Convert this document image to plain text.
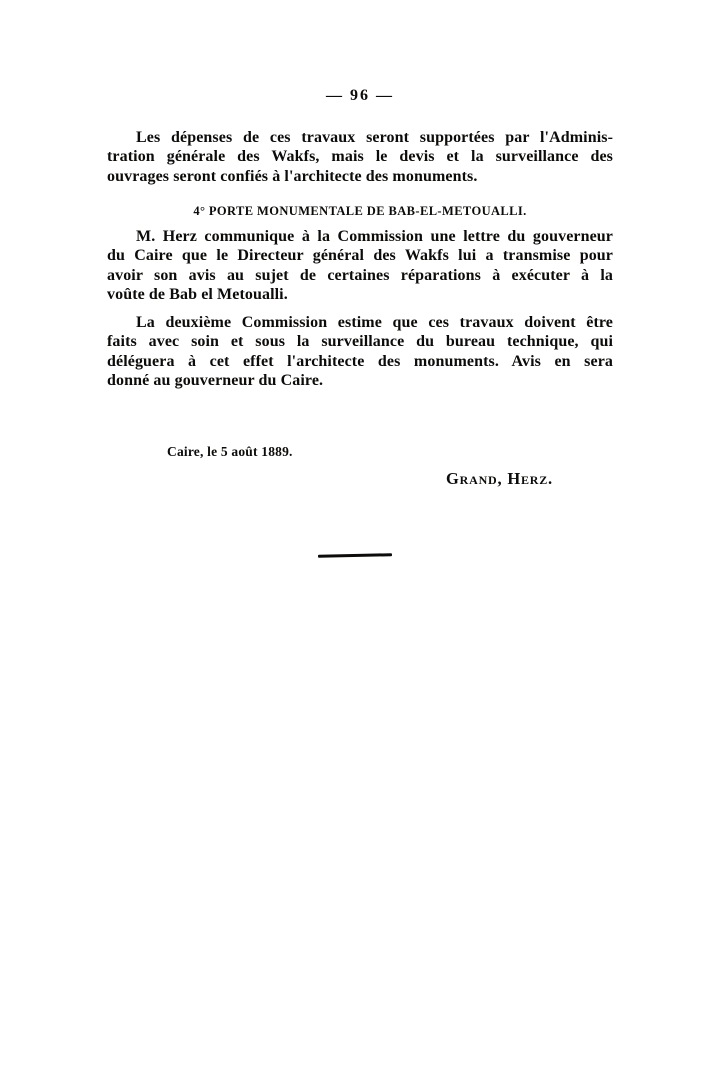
— 96 —
Les dépenses de ces travaux seront supportées par l'Adminis-
tration générale des Wakfs, mais le devis et la surveillance des
ouvrages seront confiés à l'architecte des monuments.
4° PORTE MONUMENTALE DE BAB-EL-METOUALLI.
M. Herz communique à la Commission une lettre du gouverneur
du Caire que le Directeur général des Wakfs lui a transmise pour
avoir son avis au sujet de certaines réparations à exécuter à la
voûte de Bab el Metoualli.
La deuxième Commission estime que ces travaux doivent être
faits avec soin et sous la surveillance du bureau technique, qui
déléguera à cet effet l'architecte des monuments. Avis en sera
donné au gouverneur du Caire.
Caire, le 5 août 1889.
Grand, Herz.
